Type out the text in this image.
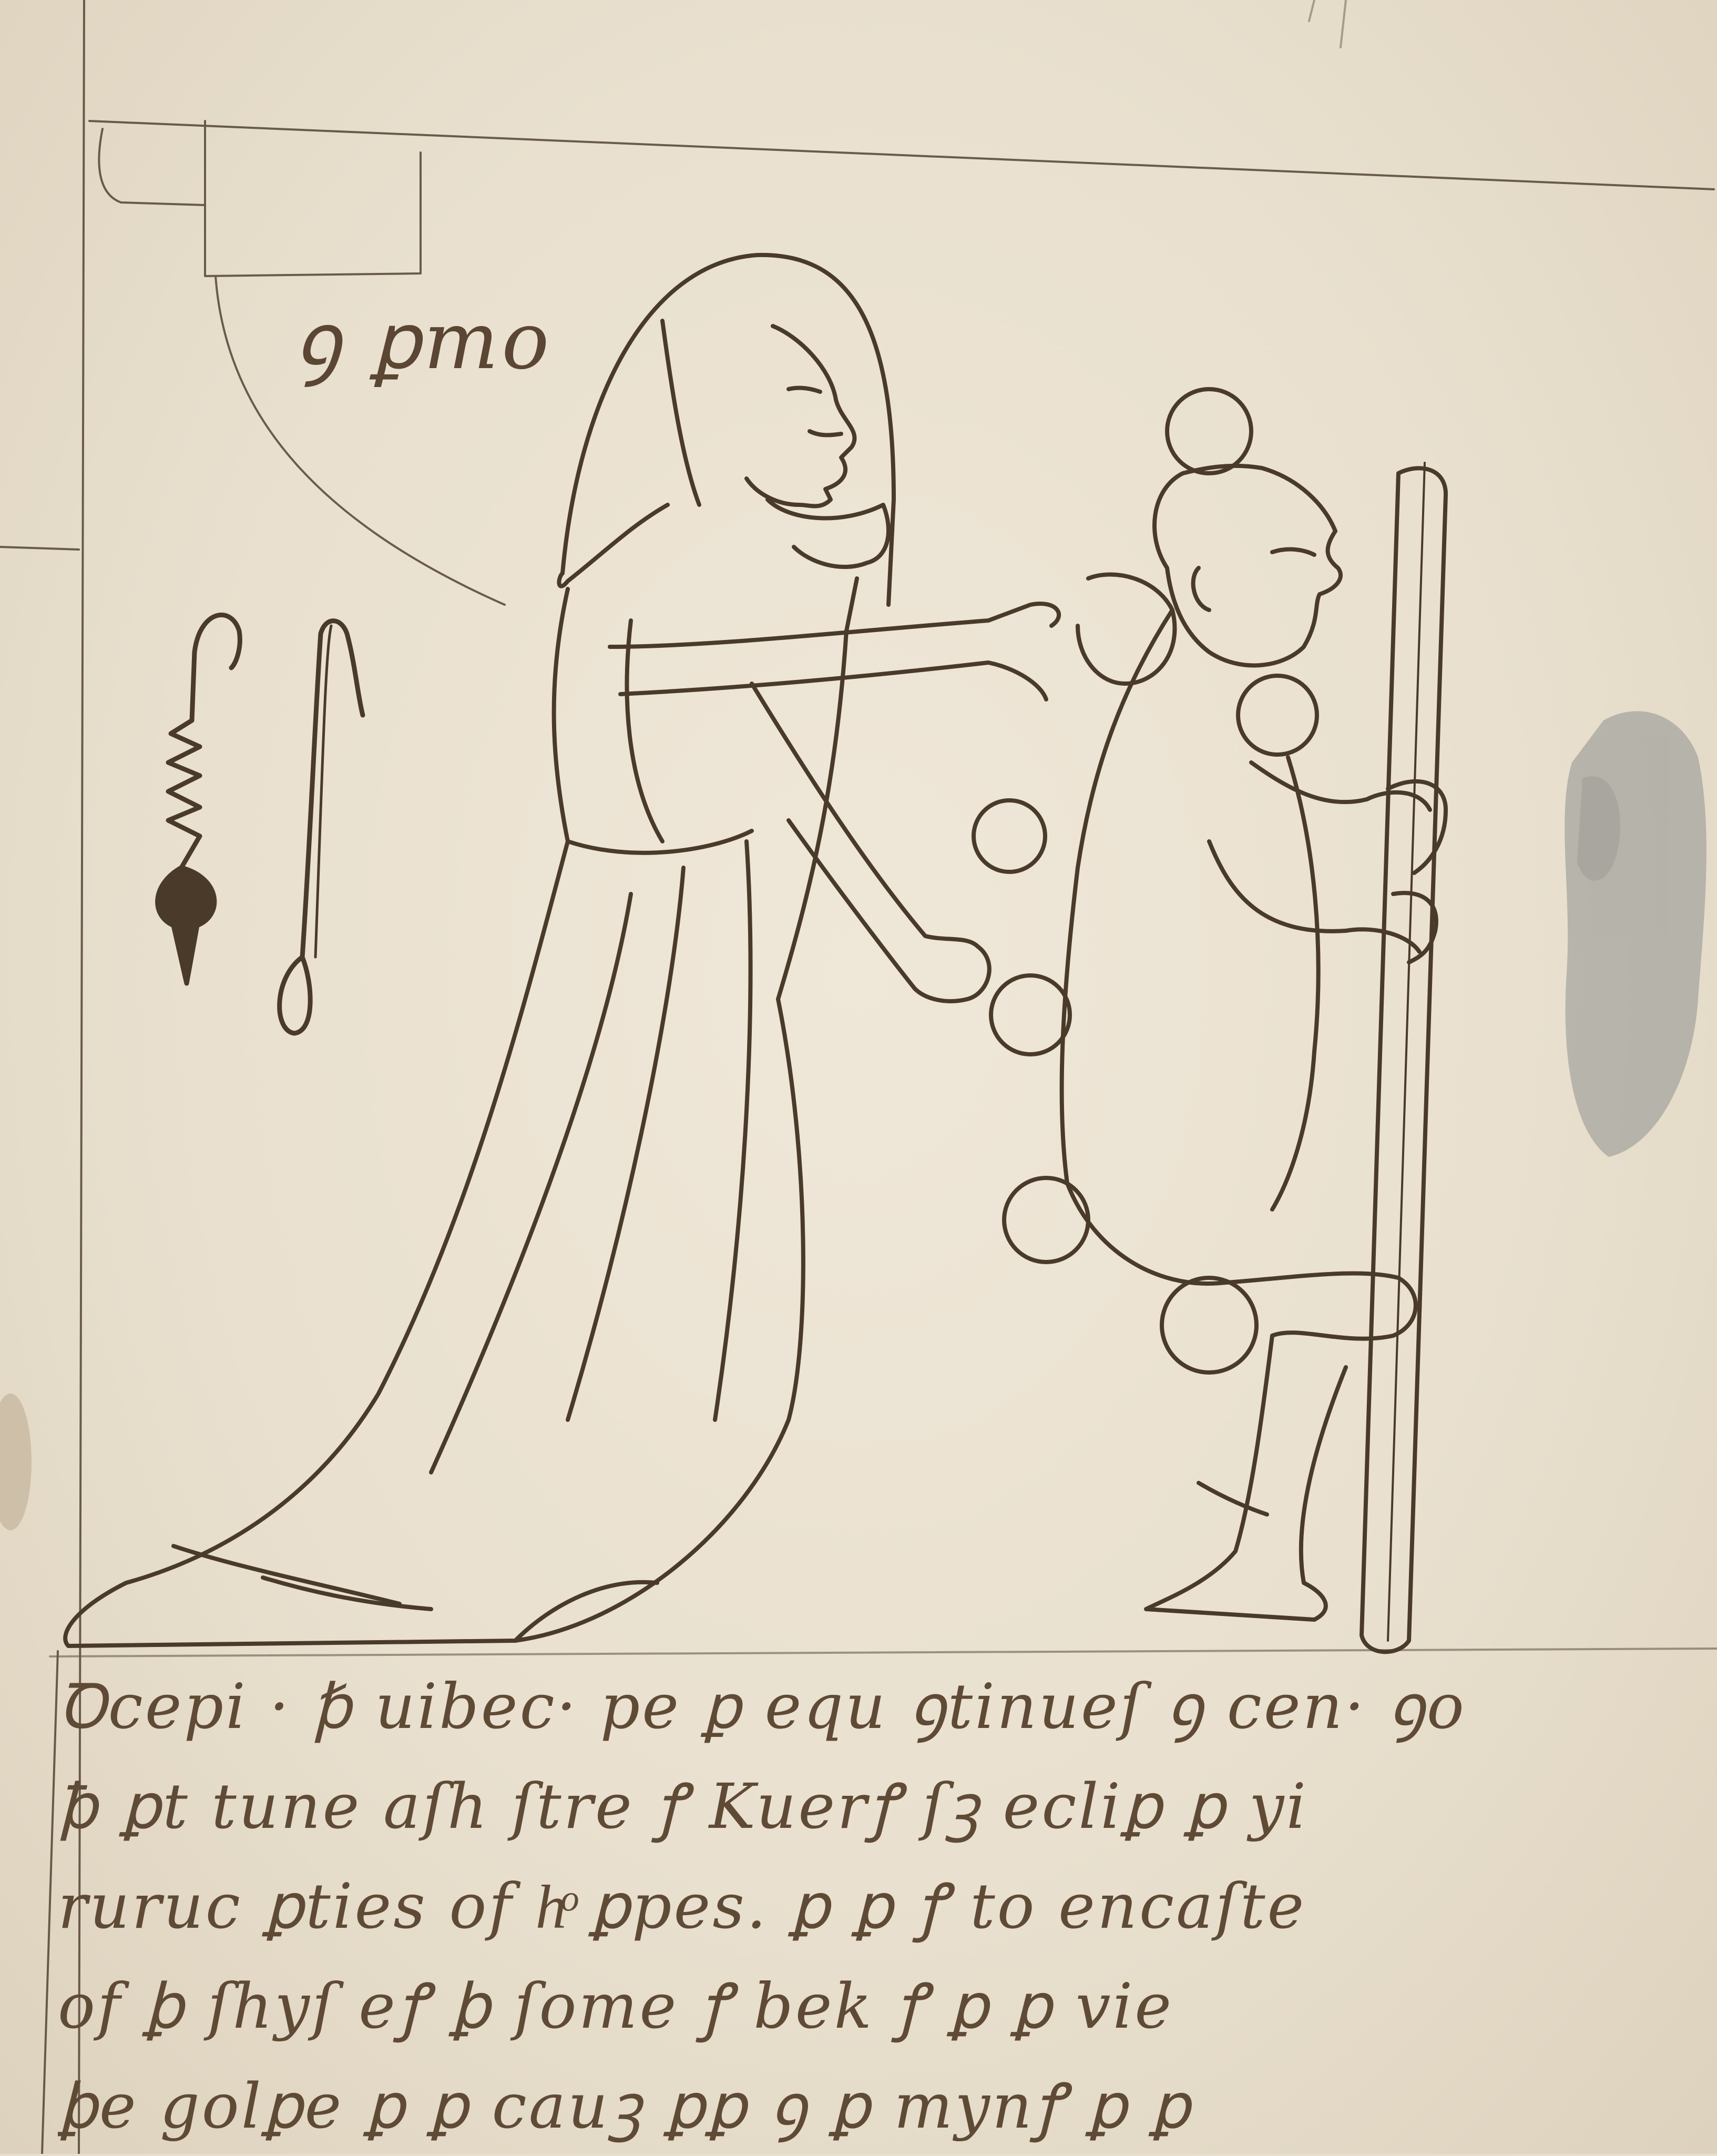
ꝯ ꝑmo
Ꝺcepi · ꝥ uibec· pe ꝑ equ ꝯtinueſ ꝯ cen· ꝯo
ꝥ ꝑt tune aſh ſtre ꝭ Kuerꝭ ſꝫ ecliꝑ ꝑ yi
ruruc ꝑties of hͦ ꝑpes. ꝑ ꝑ ꝭ to encaſte
of ꝧ ſhyſ eꝭ ꝧ ſome ꝭ bek ꝭ ꝑ ꝑ vie
ꝧe golꝑe ꝑ ꝑ cauꝫ ꝑꝑ ꝯ ꝑ mynꝭ ꝑ ꝑ
